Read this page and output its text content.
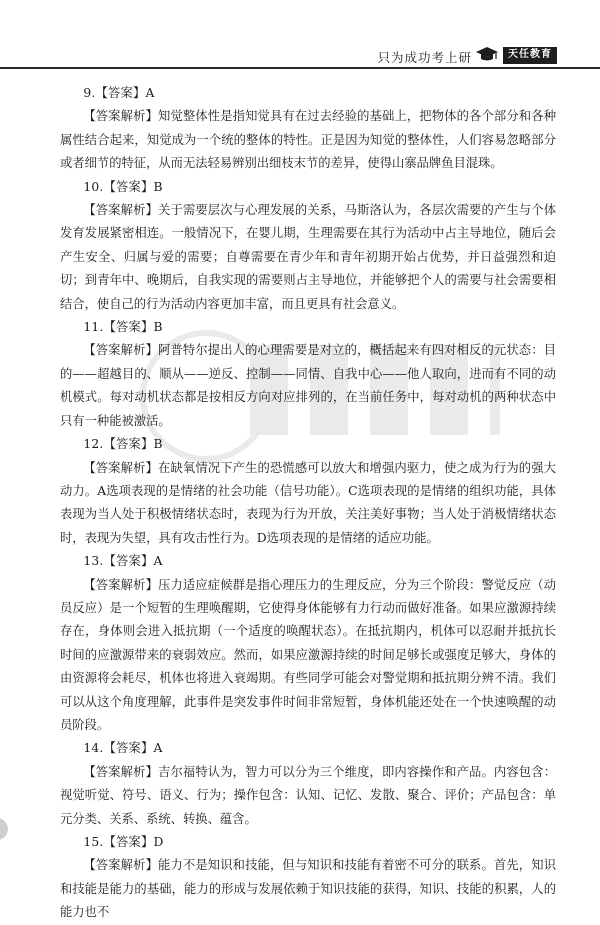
只为成功考上研	天任教育

9.【答案】A

【答案解析】知觉整体性是指知觉具有在过去经验的基础上，把物体的各个部分和各种属性结合起来，知觉成为一个统的整体的特性。正是因为知觉的整体性，人们容易忽略部分或者细节的特征，从而无法轻易辨别出细枝末节的差异，使得山寨品牌鱼目混珠。

10.【答案】B

【答案解析】关于需要层次与心理发展的关系，马斯洛认为，各层次需要的产生与个体发育发展紧密相连。一般情况下，在婴儿期，生理需要在其行为活动中占主导地位，随后会产生安全、归属与爱的需要；自尊需要在青少年和青年初期开始占优势，并日益强烈和迫切；到青年中、晚期后，自我实现的需要则占主导地位，并能够把个人的需要与社会需要相结合，使自己的行为活动内容更加丰富，而且更具有社会意义。

11.【答案】B

【答案解析】阿普特尔提出人的心理需要是对立的，概括起来有四对相反的元状态：目的——超越目的、顺从——逆反、控制——同情、自我中心——他人取向，进而有不同的动机模式。每对动机状态都是按相反方向对应排列的，在当前任务中，每对动机的两种状态中只有一种能被激活。

12.【答案】B

【答案解析】在缺氧情况下产生的恐慌感可以放大和增强内驱力，使之成为行为的强大动力。A选项表现的是情绪的社会功能（信号功能）。C选项表现的是情绪的组织功能，具体表现为当人处于积极情绪状态时，表现为行为开放，关注美好事物；当人处于消极情绪状态时，表现为失望，具有攻击性行为。D选项表现的是情绪的适应功能。

13.【答案】A

【答案解析】压力适应症候群是指心理压力的生理反应，分为三个阶段：警觉反应（动员反应）是一个短暂的生理唤醒期，它使得身体能够有力行动而做好准备。如果应激源持续存在，身体则会进入抵抗期（一个适度的唤醒状态）。在抵抗期内，机体可以忍耐并抵抗长时间的应激源带来的衰弱效应。然而，如果应激源持续的时间足够长或强度足够大，身体的由资源将会耗尽，机体也将进入衰竭期。有些同学可能会对警觉期和抵抗期分辨不清。我们可以从这个角度理解，此事件是突发事件时间非常短暂，身体机能还处在一个快速唤醒的动员阶段。

14.【答案】A

【答案解析】吉尔福特认为，智力可以分为三个维度，即内容操作和产品。内容包含：视觉听觉、符号、语义、行为；操作包含：认知、记忆、发散、聚合、评价；产品包含：单元分类、关系、系统、转换、蕴含。

15.【答案】D

【答案解析】能力不是知识和技能，但与知识和技能有着密不可分的联系。首先，知识和技能是能力的基础，能力的形成与发展依赖于知识技能的获得，知识、技能的积累，人的能力也不
